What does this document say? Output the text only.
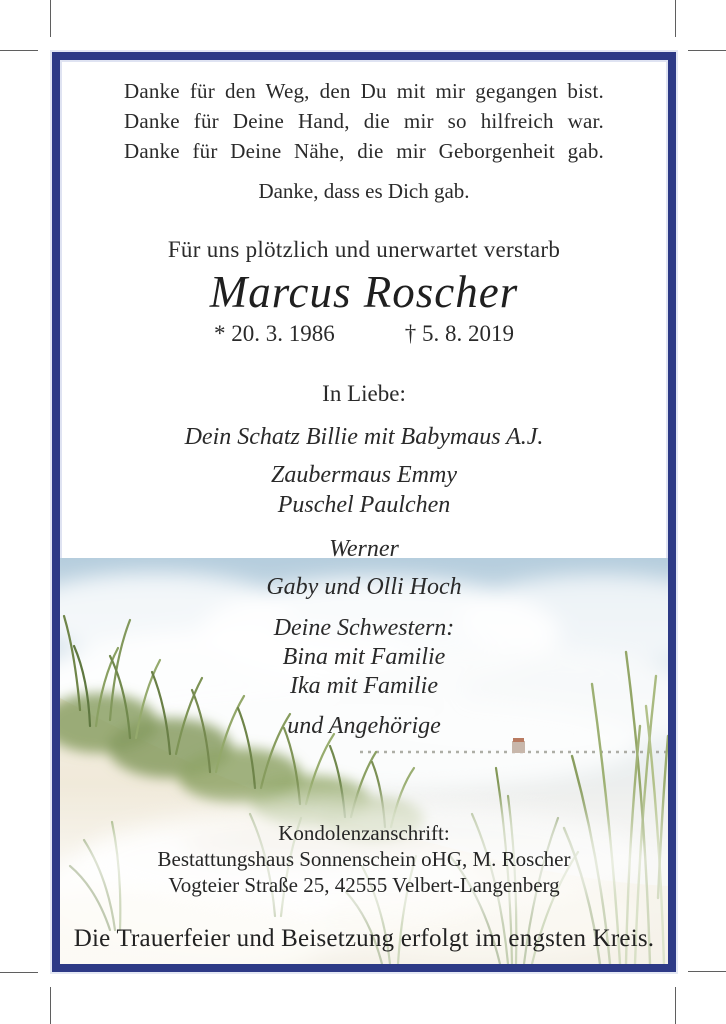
Danke für den Weg, den Du mit mir gegangen bist.
Danke für Deine Hand, die mir so hilfreich war.
Danke für Deine Nähe, die mir Geborgenheit gab.
Danke, dass es Dich gab.
Für uns plötzlich und unerwartet verstarb
Marcus Roscher
* 20. 3. 1986	† 5. 8. 2019
In Liebe:
Dein Schatz Billie mit Babymaus A.J.
Zaubermaus Emmy
Puschel Paulchen
Werner
Gaby und Olli Hoch
Deine Schwestern:
Bina mit Familie
Ika mit Familie
und Angehörige
Kondolenzanschrift:
Bestattungshaus Sonnenschein oHG, M. Roscher
Vogteier Straße 25, 42555 Velbert-Langenberg
Die Trauerfeier und Beisetzung erfolgt im engsten Kreis.
